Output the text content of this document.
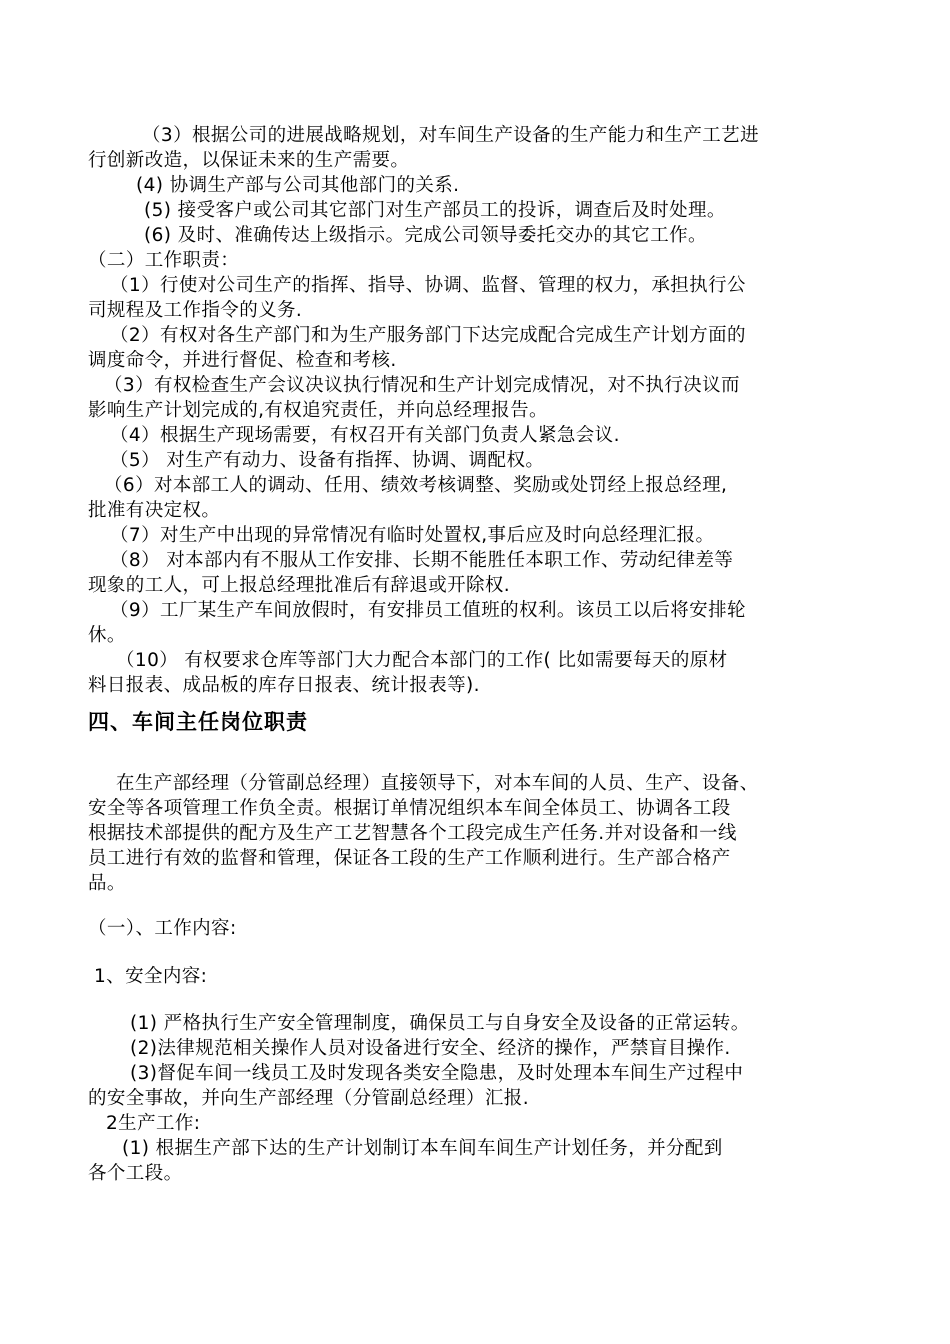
（3）根据公司的进展战略规划，对车间生产设备的生产能力和生产工艺进
行创新改造，以保证未来的生产需要。
(4) 协调生产部与公司其他部门的关系.
(5) 接受客户或公司其它部门对生产部员工的投诉，调查后及时处理。
(6) 及时、准确传达上级指示。完成公司领导委托交办的其它工作。
（二）工作职责：
（1）行使对公司生产的指挥、指导、协调、监督、管理的权力，承担执行公
司规程及工作指令的义务.
（2）有权对各生产部门和为生产服务部门下达完成配合完成生产计划方面的
调度命令，并进行督促、检查和考核.
（3）有权检查生产会议决议执行情况和生产计划完成情况，对不执行决议而
影响生产计划完成的,有权追究责任，并向总经理报告。
（4）根据生产现场需要，有权召开有关部门负责人紧急会议.
（5） 对生产有动力、设备有指挥、协调、调配权。
（6）对本部工人的调动、任用、绩效考核调整、奖励或处罚经上报总经理,
批准有决定权。
（7）对生产中出现的异常情况有临时处置权,事后应及时向总经理汇报。
（8） 对本部内有不服从工作安排、长期不能胜任本职工作、劳动纪律差等
现象的工人，可上报总经理批准后有辞退或开除权.
（9）工厂某生产车间放假时，有安排员工值班的权利。该员工以后将安排轮
休。
（10） 有权要求仓库等部门大力配合本部门的工作( 比如需要每天的原材
料日报表、成品板的库存日报表、统计报表等).
四、车间主任岗位职责
在生产部经理（分管副总经理）直接领导下，对本车间的人员、生产、设备、
安全等各项管理工作负全责。根据订单情况组织本车间全体员工、协调各工段
根据技术部提供的配方及生产工艺智慧各个工段完成生产任务.并对设备和一线
员工进行有效的监督和管理，保证各工段的生产工作顺利进行。生产部合格产
品。
（一）、工作内容:
1、安全内容:
(1) 严格执行生产安全管理制度，确保员工与自身安全及设备的正常运转。
(2)法律规范相关操作人员对设备进行安全、经济的操作，严禁盲目操作.
(3)督促车间一线员工及时发现各类安全隐患，及时处理本车间生产过程中
的安全事故，并向生产部经理（分管副总经理）汇报.
2生产工作:
(1) 根据生产部下达的生产计划制订本车间车间生产计划任务，并分配到
各个工段。
